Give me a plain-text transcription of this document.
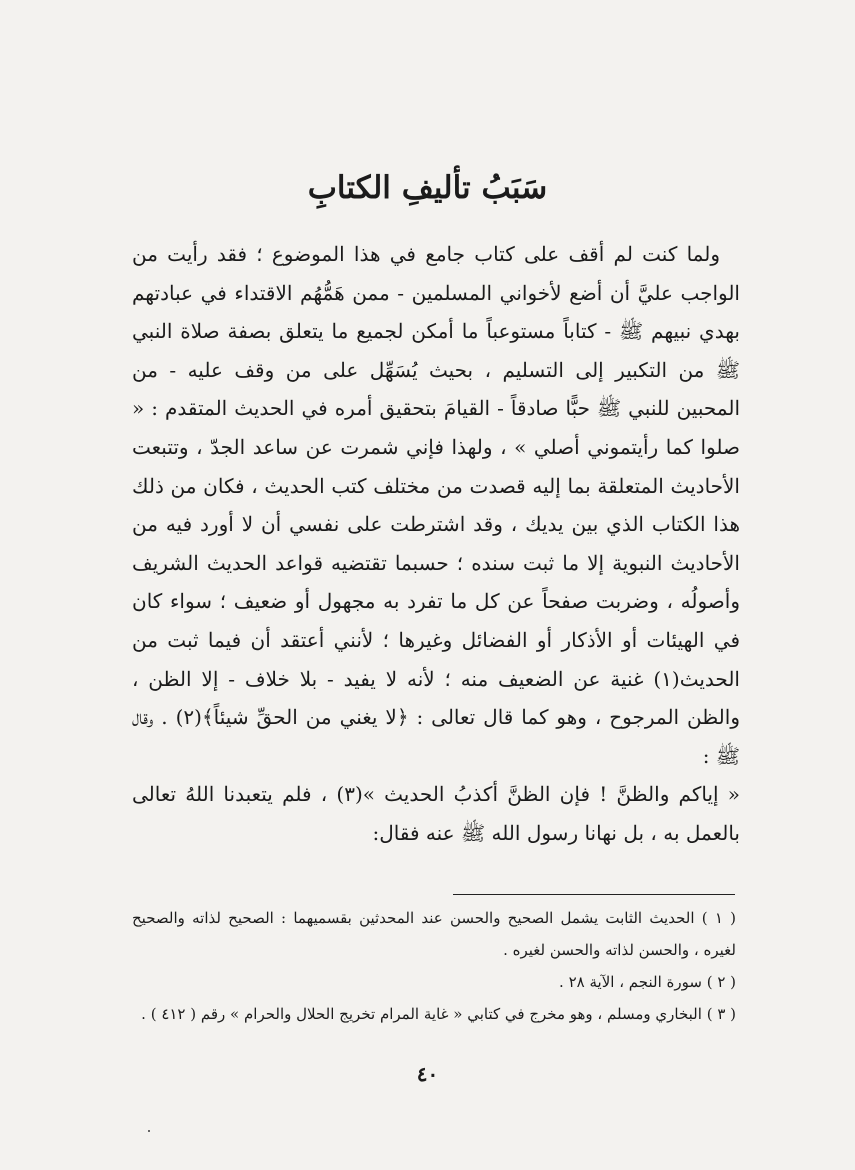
سَبَبُ تأليفِ الكتابِ

ولما كنت لم أقف على كتاب جامع في هذا الموضوع ؛ فقد رأيت من الواجب عليَّ أن أضع لأخواني المسلمين - ممن هَمُّهُم الاقتداء في عبادتهم بهدي نبيهم ﷺ - كتاباً مستوعباً ما أمكن لجميع ما يتعلق بصفة صلاة النبي ﷺ من التكبير إلى التسليم ، بحيث يُسَهِّل على من وقف عليه - من المحبين للنبي ﷺ حبًّا صادقاً - القيامَ بتحقيق أمره في الحديث المتقدم : « صلوا كما رأيتموني أصلي » ، ولهذا فإني شمرت عن ساعد الجدّ ، وتتبعت الأحاديث المتعلقة بما إليه قصدت من مختلف كتب الحديث ، فكان من ذلك هذا الكتاب الذي بين يديك ، وقد اشترطت على نفسي أن لا أورد فيه من الأحاديث النبوية إلا ما ثبت سنده ؛ حسبما تقتضيه قواعد الحديث الشريف وأصولُه ، وضربت صفحاً عن كل ما تفرد به مجهول أو ضعيف ؛ سواء كان في الهيئات أو الأذكار أو الفضائل وغيرها ؛ لأنني أعتقد أن فيما ثبت من الحديث(١) غنية عن الضعيف منه ؛ لأنه لا يفيد - بلا خلاف - إلا الظن ، والظن المرجوح ، وهو كما قال تعالى : ﴿لا يغني من الحقِّ شيئاً﴾(٢) . وقال ﷺ :

« إياكم والظنَّ ! فإن الظنَّ أكذبُ الحديث »(٣) ، فلم يتعبدنا اللهُ تعالى بالعمل به ، بل نهانا رسول الله ﷺ عنه فقال:

( ١ ) الحديث الثابت يشمل الصحيح والحسن عند المحدثين بقسميهما : الصحيح لذاته والصحيح لغيره ، والحسن لذاته والحسن لغيره .

( ٢ ) سورة النجم ، الآية ٢٨ .

( ٣ ) البخاري ومسلم ، وهو مخرج في كتابي « غاية المرام تخريج الحلال والحرام » رقم ( ٤١٢ ) .

٤٠
